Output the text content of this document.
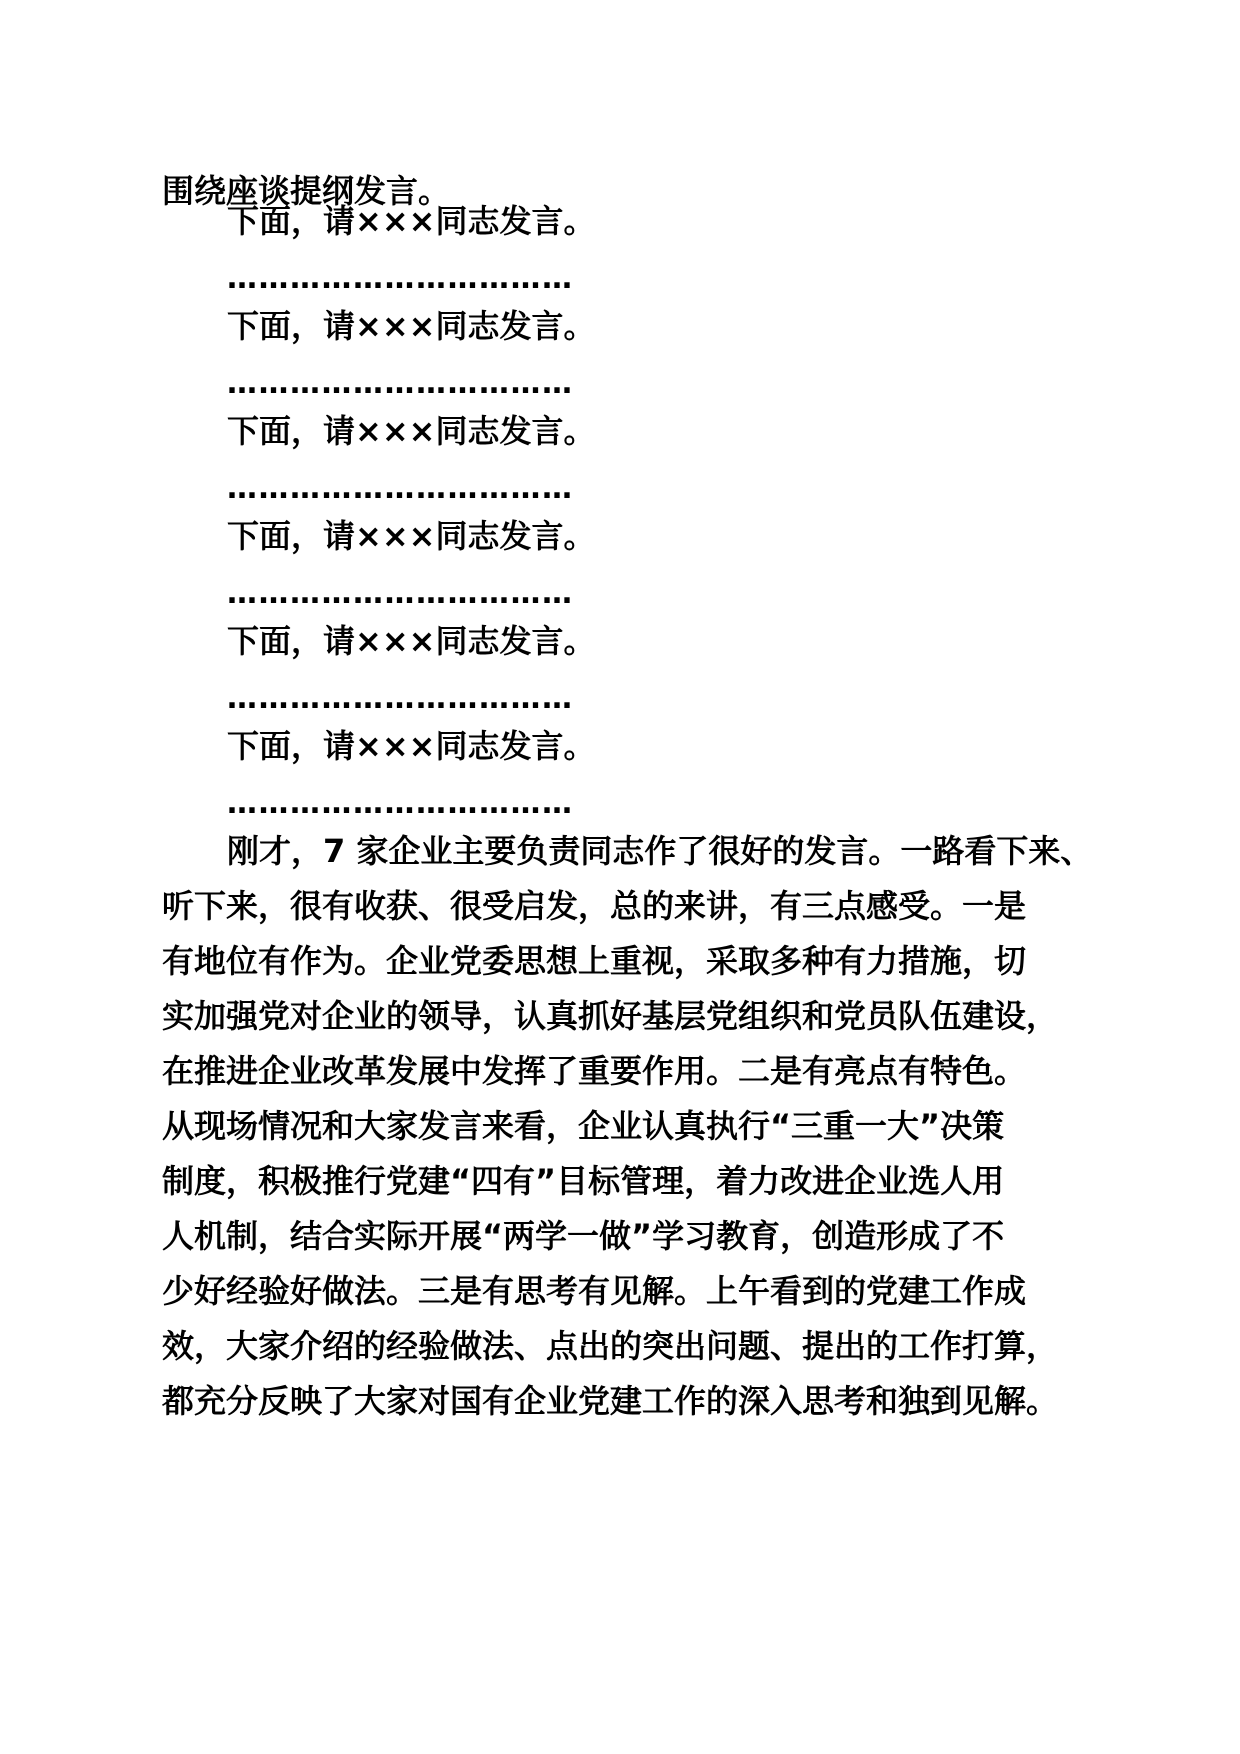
围绕座谈提纲发言。
下面，请×××同志发言。
……………………………
下面，请×××同志发言。
……………………………
下面，请×××同志发言。
……………………………
下面，请×××同志发言。
……………………………
下面，请×××同志发言。
……………………………
下面，请×××同志发言。
……………………………
刚才，7 家企业主要负责同志作了很好的发言。一路看下来、
听下来，很有收获、很受启发，总的来讲，有三点感受。一是
有地位有作为。企业党委思想上重视，采取多种有力措施，切
实加强党对企业的领导，认真抓好基层党组织和党员队伍建设，
在推进企业改革发展中发挥了重要作用。二是有亮点有特色。
从现场情况和大家发言来看，企业认真执行“三重一大”决策
制度，积极推行党建“四有”目标管理，着力改进企业选人用
人机制，结合实际开展“两学一做”学习教育，创造形成了不
少好经验好做法。三是有思考有见解。上午看到的党建工作成
效，大家介绍的经验做法、点出的突出问题、提出的工作打算，
都充分反映了大家对国有企业党建工作的深入思考和独到见解。
